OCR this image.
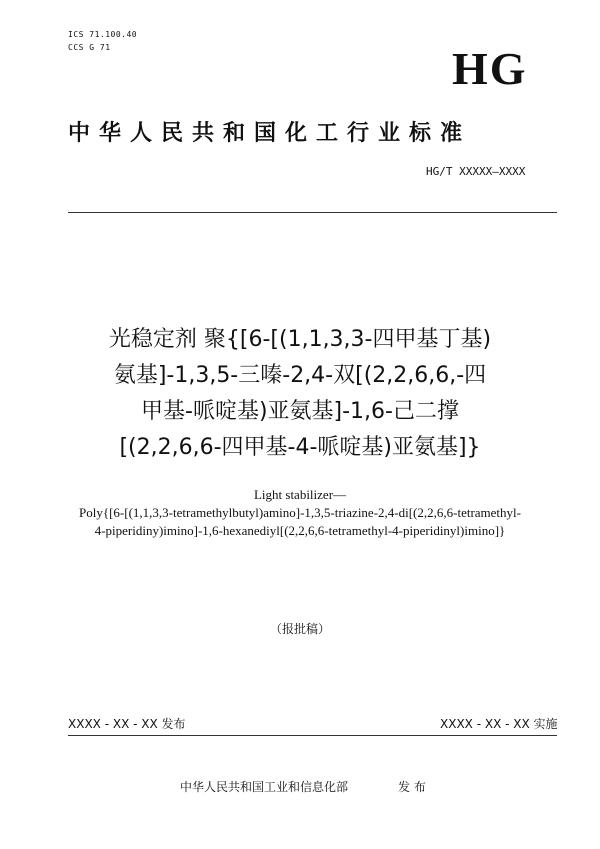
ICS 71.100.40
CCS G 71	HG
中华人民共和国化工行业标准
HG/T XXXXX—XXXX
光稳定剂 聚{[6-[(1,1,3,3-四甲基丁基)
氨基]-1,3,5-三嗪-2,4-双[(2,2,6,6,-四
甲基-哌啶基)亚氨基]-1,6-己二撑
[(2,2,6,6-四甲基-4-哌啶基)亚氨基]}
Light stabilizer—
Poly{[6-[(1,1,3,3-tetramethylbutyl)amino]-1,3,5-triazine-2,4-di[(2,2,6,6-tetramethyl-
4-piperidiny)imino]-1,6-hexanediyl[(2,2,6,6-tetramethyl-4-piperidinyl)imino]}
（报批稿）
XXXX - XX - XX 发布	XXXX - XX - XX 实施
中华人民共和国工业和信息化部	发 布
